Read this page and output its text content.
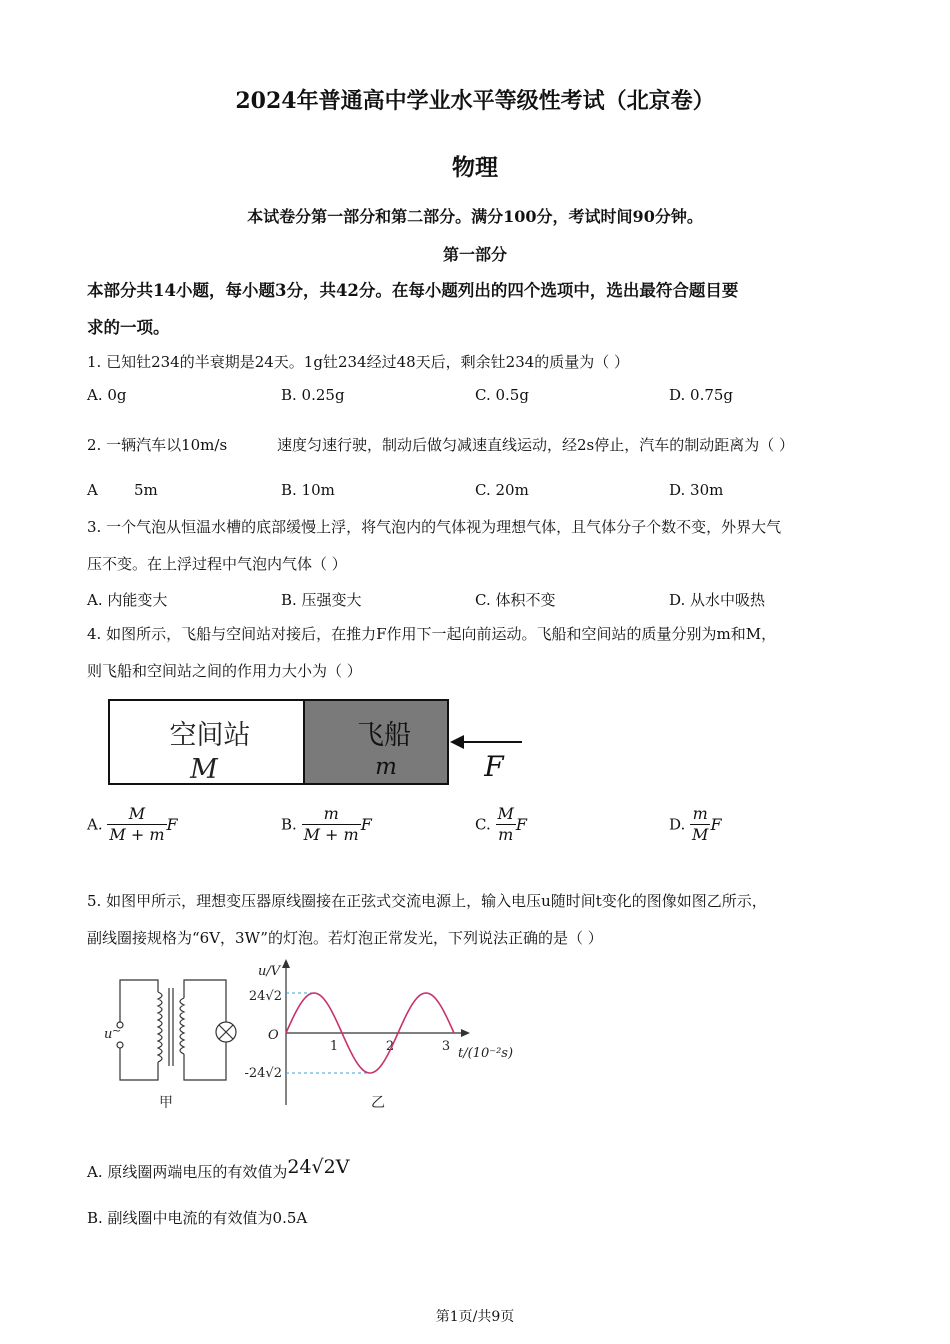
2024年普通高中学业水平等级性考试（北京卷）
物理
本试卷分第一部分和第二部分。满分100分，考试时间90分钟。
第一部分
本部分共14小题，每小题3分，共42分。在每小题列出的四个选项中，选出最符合题目要
求的一项。
1. 已知钍234的半衰期是24天。1g钍234经过48天后，剩余钍234的质量为（ ）
A. 0g	B. 0.25g	C. 0.5g	D. 0.75g
2. 一辆汽车以10m/s	速度匀速行驶，制动后做匀减速直线运动，经2s停止，汽车的制动距离为（ ）
A 5m	B. 10m	C. 20m	D. 30m
3. 一个气泡从恒温水槽的底部缓慢上浮，将气泡内的气体视为理想气体，且气体分子个数不变，外界大气
压不变。在上浮过程中气泡内气体（ ）
A. 内能变大	B. 压强变大	C. 体积不变	D. 从水中吸热
4. 如图所示，飞船与空间站对接后，在推力F作用下一起向前运动。飞船和空间站的质量分别为m和M，
则飞船和空间站之间的作用力大小为（ ）
空间站
M
飞船
m	F
A. $\frac{M}{M + m}$ F	B. $\frac{m}{M + m}$ F	C. $\frac{M}{m}$ F	D. $\frac{m}{M}$ F
5. 如图甲所示，理想变压器原线圈接在正弦式交流电源上，输入电压u随时间t变化的图像如图乙所示，
副线圈接规格为“6V，3W”的灯泡。若灯泡正常发光，下列说法正确的是（ ）
u ~
甲
u/V
t/(10⁻²s)
O
24√2
-24√2
1	2	3
乙
A. 原线圈两端电压的有效值为24√2V
B. 副线圈中电流的有效值为0.5A
第1页/共9页
